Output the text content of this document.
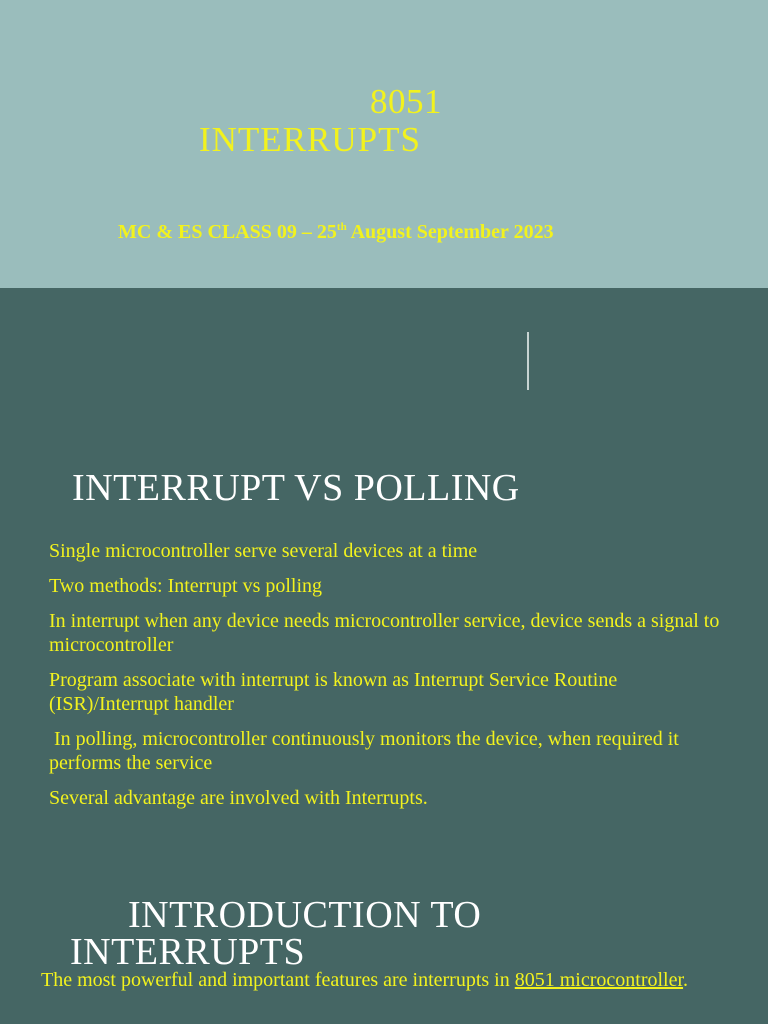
8051
INTERRUPTS
MC & ES CLASS 09 – 25th August September 2023
INTERRUPT VS POLLING
Single microcontroller serve several devices at a time
Two methods: Interrupt vs polling
In interrupt when any device needs microcontroller service, device sends a signal to microcontroller
Program associate with interrupt is known as Interrupt Service Routine (ISR)/Interrupt handler
In polling, microcontroller continuously monitors the device, when required it performs the service
Several advantage are involved with Interrupts.
INTRODUCTION TO
INTERRUPTS
The most powerful and important features are interrupts in 8051 microcontroller.
